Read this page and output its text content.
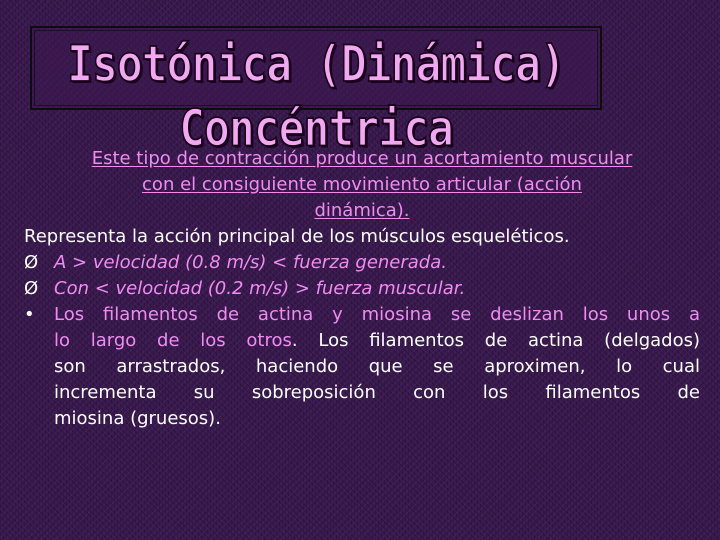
Isotónica (Dinámica) Concéntrica
Este tipo de contracción produce un acortamiento muscular
con el consiguiente movimiento articular (acción
dinámica).
Representa la acción principal de los músculos esqueléticos.
Ø A > velocidad (0.8 m/s) < fuerza generada.
Ø Con < velocidad (0.2 m/s) > fuerza muscular.
•	Los filamentos de actina y miosina se deslizan los unos a
lo largo de los otros. Los filamentos de actina (delgados)
son arrastrados, haciendo que se aproximen, lo cual
incrementa su sobreposición con los filamentos de
miosina (gruesos).
